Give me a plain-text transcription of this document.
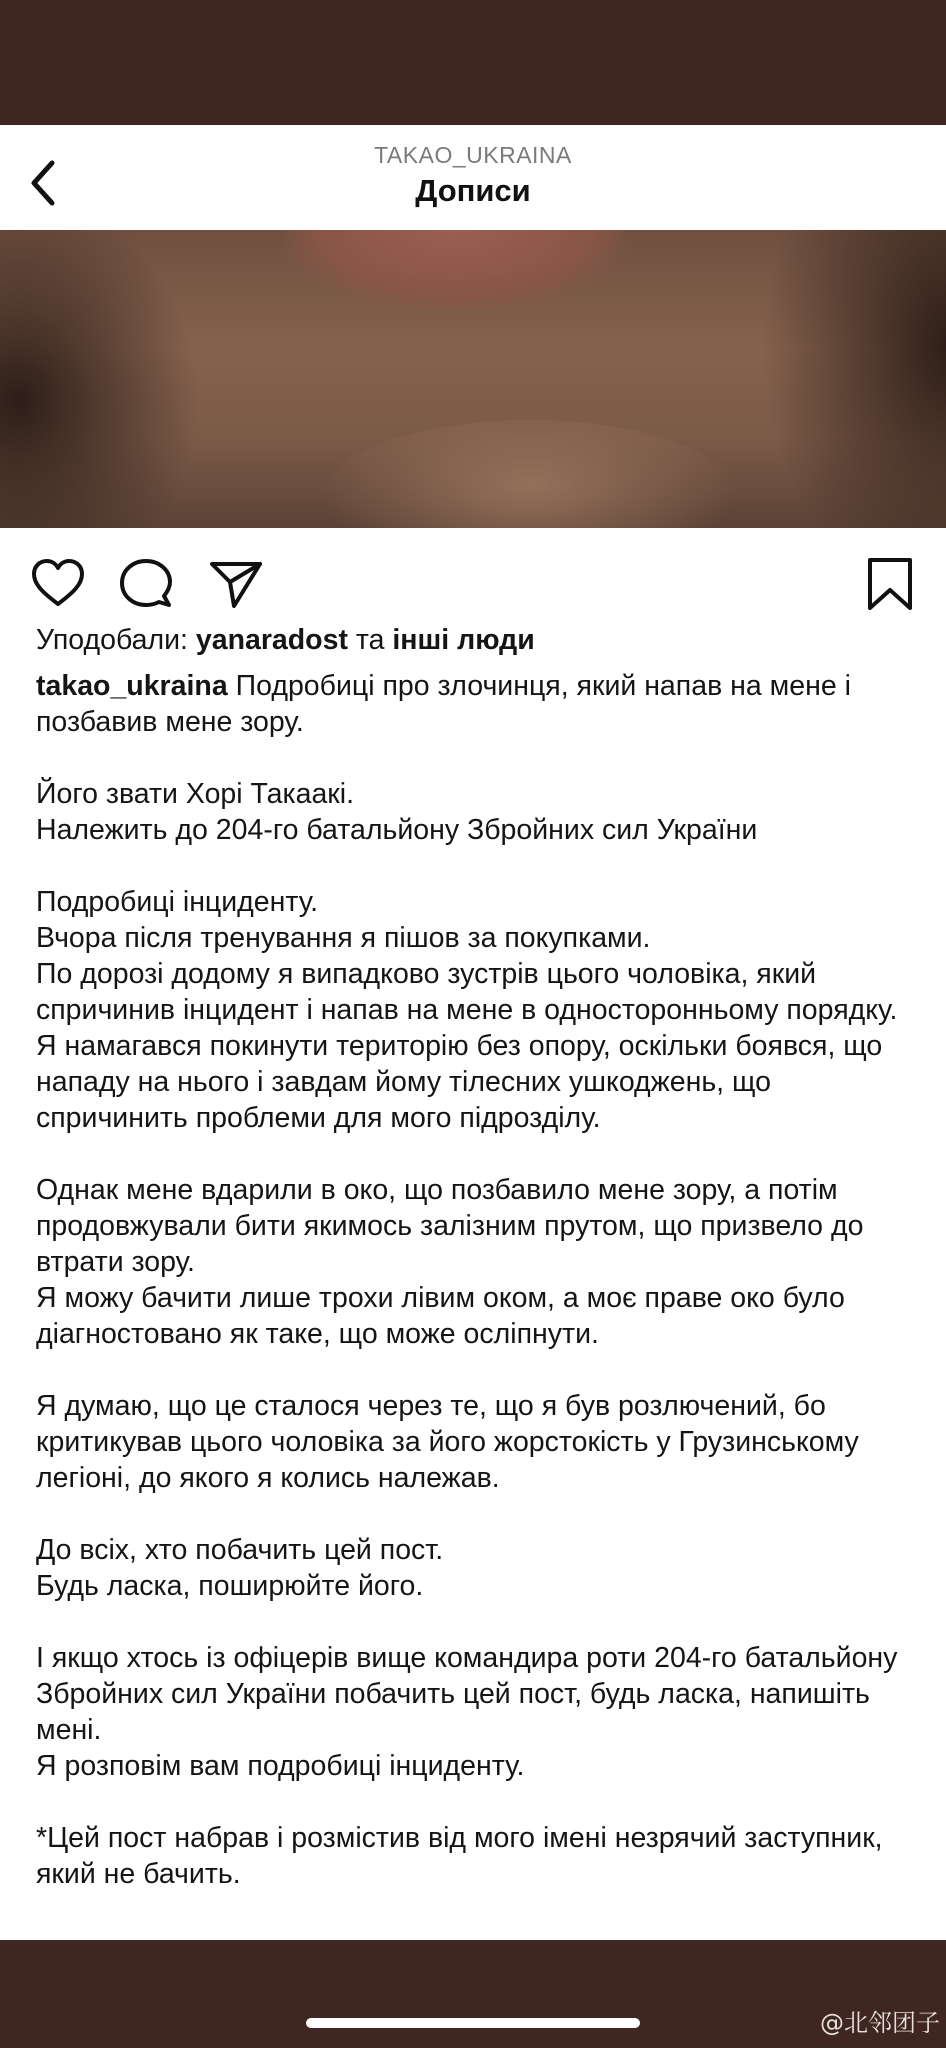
TAKAO_UKRAINA
Дописи

Уподобали: yanaradost та інші люди

takao_ukraina Подробиці про злочинця, який напав на мене і позбавив мене зору.

Його звати Хорі Такаакі.
Належить до 204-го батальйону Збройних сил України

Подробиці інциденту.
Вчора після тренування я пішов за покупками.
По дорозі додому я випадково зустрів цього чоловіка, який спричинив інцидент і напав на мене в односторонньому порядку.
Я намагався покинути територію без опору, оскільки боявся, що нападу на нього і завдам йому тілесних ушкоджень, що спричинить проблеми для мого підрозділу.

Однак мене вдарили в око, що позбавило мене зору, а потім продовжували бити якимось залізним прутом, що призвело до втрати зору.
Я можу бачити лише трохи лівим оком, а моє праве око було діагностовано як таке, що може осліпнути.

Я думаю, що це сталося через те, що я був розлючений, бо критикував цього чоловіка за його жорстокість у Грузинському легіоні, до якого я колись належав.

До всіх, хто побачить цей пост.
Будь ласка, поширюйте його.

І якщо хтось із офіцерів вище командира роти 204-го батальйону Збройних сил України побачить цей пост, будь ласка, напишіть мені.
Я розповім вам подробиці інциденту.

*Цей пост набрав і розмістив від мого імені незрячий заступник, який не бачить.

@北邻团子
